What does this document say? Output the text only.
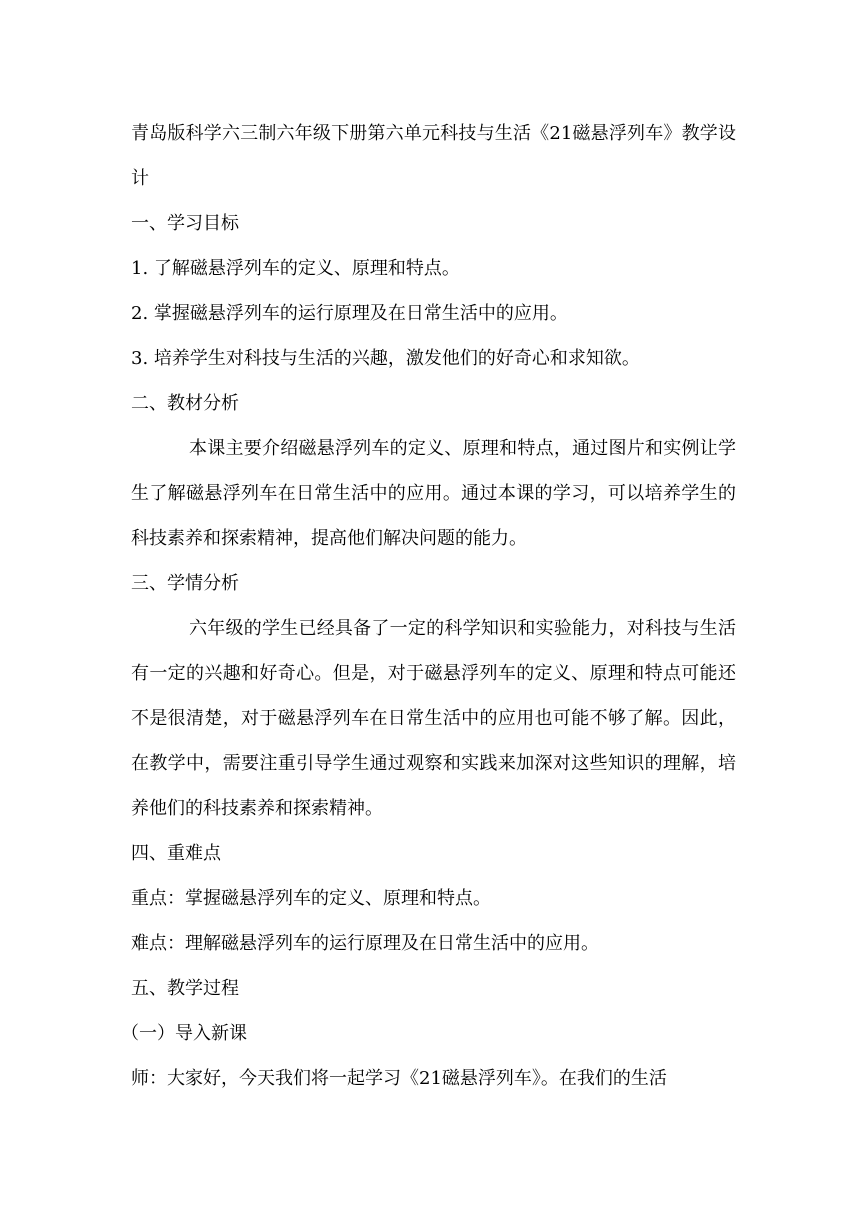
青岛版科学六三制六年级下册第六单元科技与生活《21磁悬浮列车》教学设计

一、学习目标

1. 了解磁悬浮列车的定义、原理和特点。

2. 掌握磁悬浮列车的运行原理及在日常生活中的应用。

3. 培养学生对科技与生活的兴趣，激发他们的好奇心和求知欲。

二、教材分析

本课主要介绍磁悬浮列车的定义、原理和特点，通过图片和实例让学生了解磁悬浮列车在日常生活中的应用。通过本课的学习，可以培养学生的科技素养和探索精神，提高他们解决问题的能力。

三、学情分析

六年级的学生已经具备了一定的科学知识和实验能力，对科技与生活有一定的兴趣和好奇心。但是，对于磁悬浮列车的定义、原理和特点可能还不是很清楚，对于磁悬浮列车在日常生活中的应用也可能不够了解。因此，在教学中，需要注重引导学生通过观察和实践来加深对这些知识的理解，培养他们的科技素养和探索精神。

四、重难点

重点：掌握磁悬浮列车的定义、原理和特点。

难点：理解磁悬浮列车的运行原理及在日常生活中的应用。

五、教学过程

（一）导入新课

师：大家好，今天我们将一起学习《21磁悬浮列车》。在我们的生活
